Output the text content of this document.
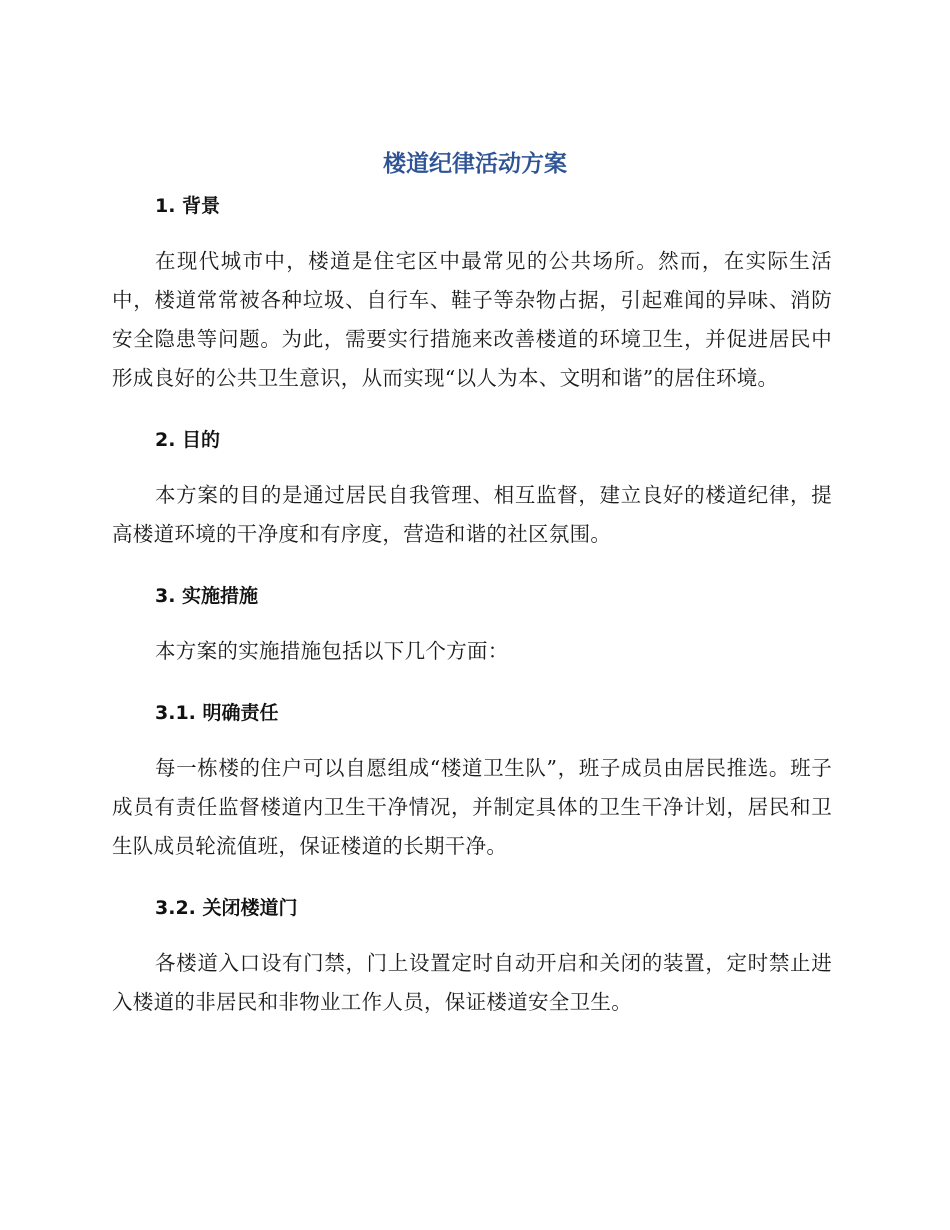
楼道纪律活动方案
1. 背景

在现代城市中，楼道是住宅区中最常见的公共场所。然而，在实际生活中，楼道常常被各种垃圾、自行车、鞋子等杂物占据，引起难闻的异味、消防安全隐患等问题。为此，需要实行措施来改善楼道的环境卫生，并促进居民中形成良好的公共卫生意识，从而实现“以人为本、文明和谐”的居住环境。

2. 目的

本方案的目的是通过居民自我管理、相互监督，建立良好的楼道纪律，提高楼道环境的干净度和有序度，营造和谐的社区氛围。

3. 实施措施

本方案的实施措施包括以下几个方面：

3.1. 明确责任

每一栋楼的住户可以自愿组成“楼道卫生队”，班子成员由居民推选。班子成员有责任监督楼道内卫生干净情况，并制定具体的卫生干净计划，居民和卫生队成员轮流值班，保证楼道的长期干净。

3.2. 关闭楼道门

各楼道入口设有门禁，门上设置定时自动开启和关闭的装置，定时禁止进入楼道的非居民和非物业工作人员，保证楼道安全卫生。
